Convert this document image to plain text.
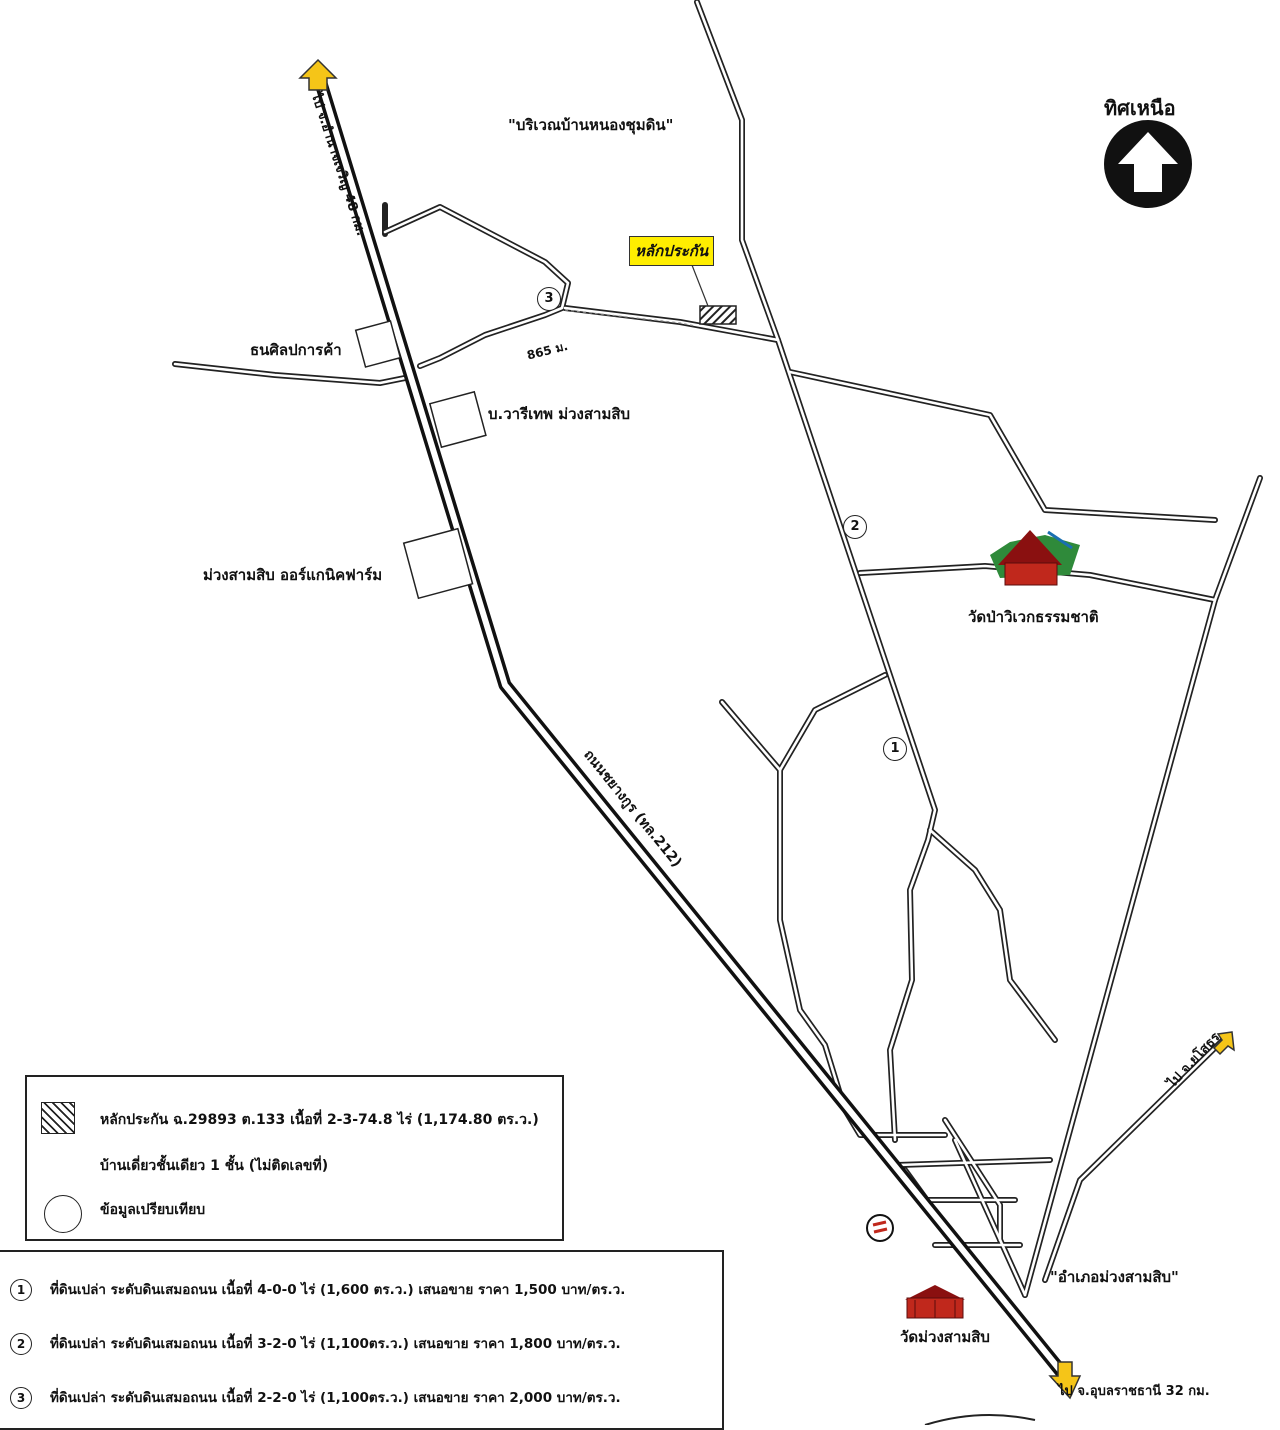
ทิศเหนือ
ไป จ.อำนาจเจริญ 48 กม.	"บริเวณบ้านหนองชุมดิน"
หลักประกัน
865 ม.
ธนศิลปการค้า
บ.วารีเทพ ม่วงสามสิบ
ม่วงสามสิบ ออร์แกนิคฟาร์ม
ถนนชยางกูร (ทล.212)
วัดป่าวิเวกธรรมชาติ
ไป จ.ยโสธร
"อำเภอม่วงสามสิบ"
วัดม่วงสามสิบ
ไป จ.อุบลราชธานี 32 กม.
1
2
3
หลักประกัน ฉ.29893 ต.133 เนื้อที่ 2-3-74.8 ไร่ (1,174.80 ตร.ว.)
บ้านเดี่ยวชั้นเดียว 1 ชั้น (ไม่ติดเลขที่)
ข้อมูลเปรียบเทียบ
1 ที่ดินเปล่า ระดับดินเสมอถนน เนื้อที่ 4-0-0 ไร่ (1,600 ตร.ว.) เสนอขาย ราคา 1,500 บาท/ตร.ว.
2 ที่ดินเปล่า ระดับดินเสมอถนน เนื้อที่ 3-2-0 ไร่ (1,100ตร.ว.) เสนอขาย ราคา 1,800 บาท/ตร.ว.
3 ที่ดินเปล่า ระดับดินเสมอถนน เนื้อที่ 2-2-0 ไร่ (1,100ตร.ว.) เสนอขาย ราคา 2,000 บาท/ตร.ว.
